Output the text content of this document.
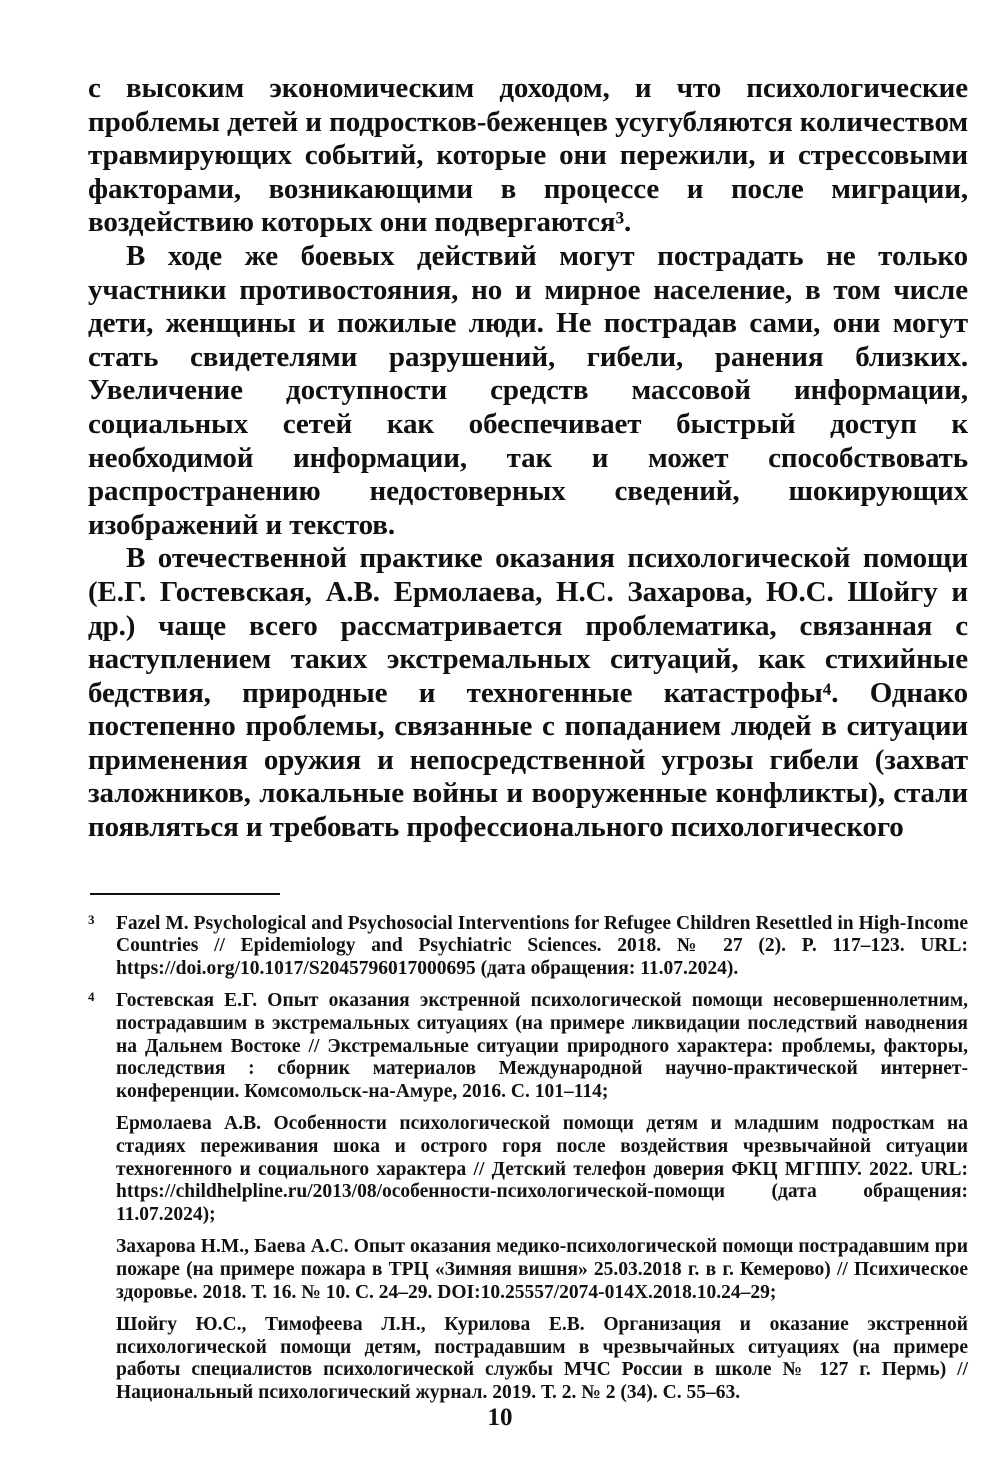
с высоким экономическим доходом, и что психологические проблемы детей и подростков-беженцев усугубляются количеством травмирующих событий, которые они пережили, и стрессовыми факторами, возникающими в процессе и после миграции, воздействию которых они подвергаются³.

В ходе же боевых действий могут пострадать не только участники противостояния, но и мирное население, в том числе дети, женщины и пожилые люди. Не пострадав сами, они могут стать свидетелями разрушений, гибели, ранения близких. Увеличение доступности средств массовой информации, социальных сетей как обеспечивает быстрый доступ к необходимой информации, так и может способствовать распространению недостоверных сведений, шокирующих изображений и текстов.

В отечественной практике оказания психологической помощи (Е.Г. Гостевская, А.В. Ермолаева, Н.С. Захарова, Ю.С. Шойгу и др.) чаще всего рассматривается проблематика, связанная с наступлением таких экстремальных ситуаций, как стихийные бедствия, природные и техногенные катастрофы⁴. Однако постепенно проблемы, связанные с попаданием людей в ситуации применения оружия и непосредственной угрозы гибели (захват заложников, локальные войны и вооруженные конфликты), стали появляться и требовать профессионального психологического

3	Fazel M. Psychological and Psychosocial Interventions for Refugee Children Resettled in High-Income Countries // Epidemiology and Psychiatric Sciences. 2018. № 27 (2). P. 117–123. URL: https://doi.org/10.1017/S2045796017000695 (дата обращения: 11.07.2024).

4	Гостевская Е.Г. Опыт оказания экстренной психологической помощи несовершеннолетним, пострадавшим в экстремальных ситуациях (на примере ликвидации последствий наводнения на Дальнем Востоке // Экстремальные ситуации природного характера: проблемы, факторы, последствия : сборник материалов Международной научно-практической интернет-конференции. Комсомольск-на-Амуре, 2016. С. 101–114;

Ермолаева А.В. Особенности психологической помощи детям и младшим подросткам на стадиях переживания шока и острого горя после воздействия чрезвычайной ситуации техногенного и социального характера // Детский телефон доверия ФКЦ МГППУ. 2022. URL: https://childhelpline.ru/2013/08/особенности-психологической-помощи (дата обращения: 11.07.2024);

Захарова Н.М., Баева А.С. Опыт оказания медико-психологической помощи пострадавшим при пожаре (на примере пожара в ТРЦ «Зимняя вишня» 25.03.2018 г. в г. Кемерово) // Психическое здоровье. 2018. Т. 16. № 10. С. 24–29. DOI:10.25557/2074-014X.2018.10.24–29;

Шойгу Ю.С., Тимофеева Л.Н., Курилова Е.В. Организация и оказание экстренной психологической помощи детям, пострадавшим в чрезвычайных ситуациях (на примере работы специалистов психологической службы МЧС России в школе № 127 г. Пермь) // Национальный психологический журнал. 2019. Т. 2. № 2 (34). С. 55–63.

10
